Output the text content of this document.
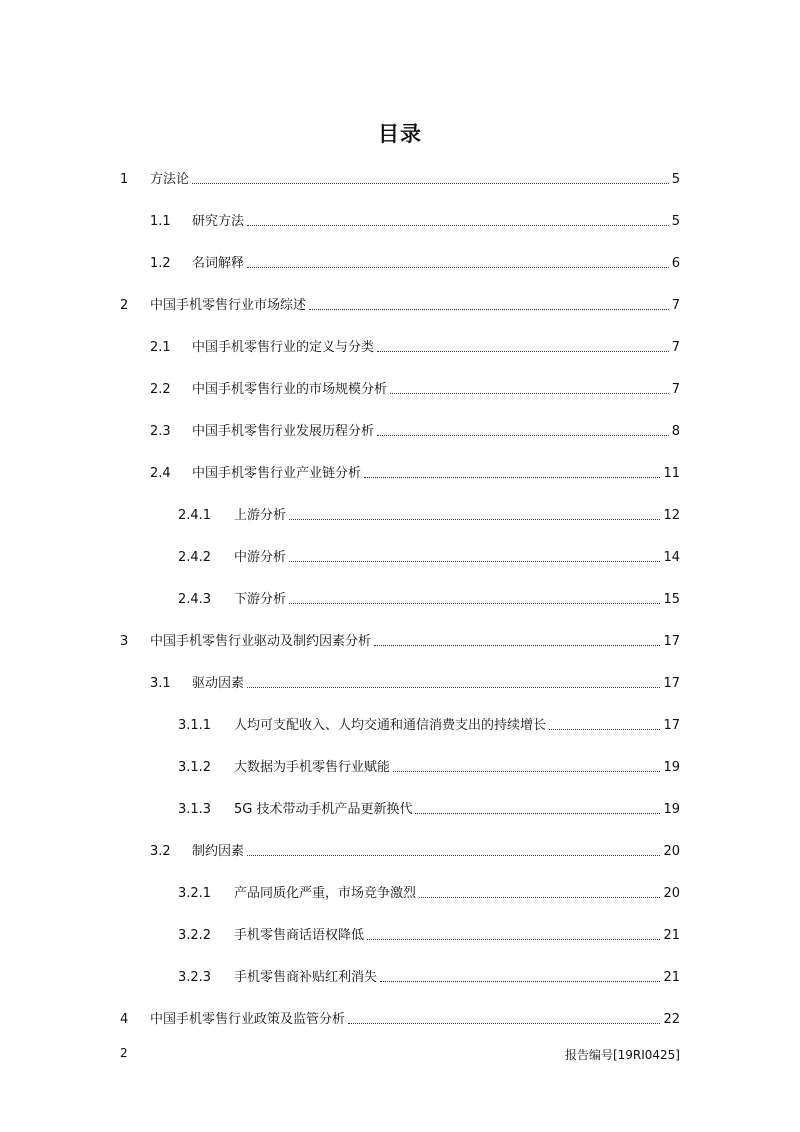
目录
1 方法论	5
1.1 研究方法	5
1.2 名词解释	6
2 中国手机零售行业市场综述	7
2.1 中国手机零售行业的定义与分类	7
2.2 中国手机零售行业的市场规模分析	7
2.3 中国手机零售行业发展历程分析	8
2.4 中国手机零售行业产业链分析	11
2.4.1 上游分析	12
2.4.2 中游分析	14
2.4.3 下游分析	15
3 中国手机零售行业驱动及制约因素分析	17
3.1 驱动因素	17
3.1.1 人均可支配收入、人均交通和通信消费支出的持续增长	17
3.1.2 大数据为手机零售行业赋能	19
3.1.3 5G 技术带动手机产品更新换代	19
3.2 制约因素	20
3.2.1 产品同质化严重，市场竞争激烈	20
3.2.2 手机零售商话语权降低	21
3.2.3 手机零售商补贴红利消失	21
4 中国手机零售行业政策及监管分析	22
2	报告编号[19RI0425]
